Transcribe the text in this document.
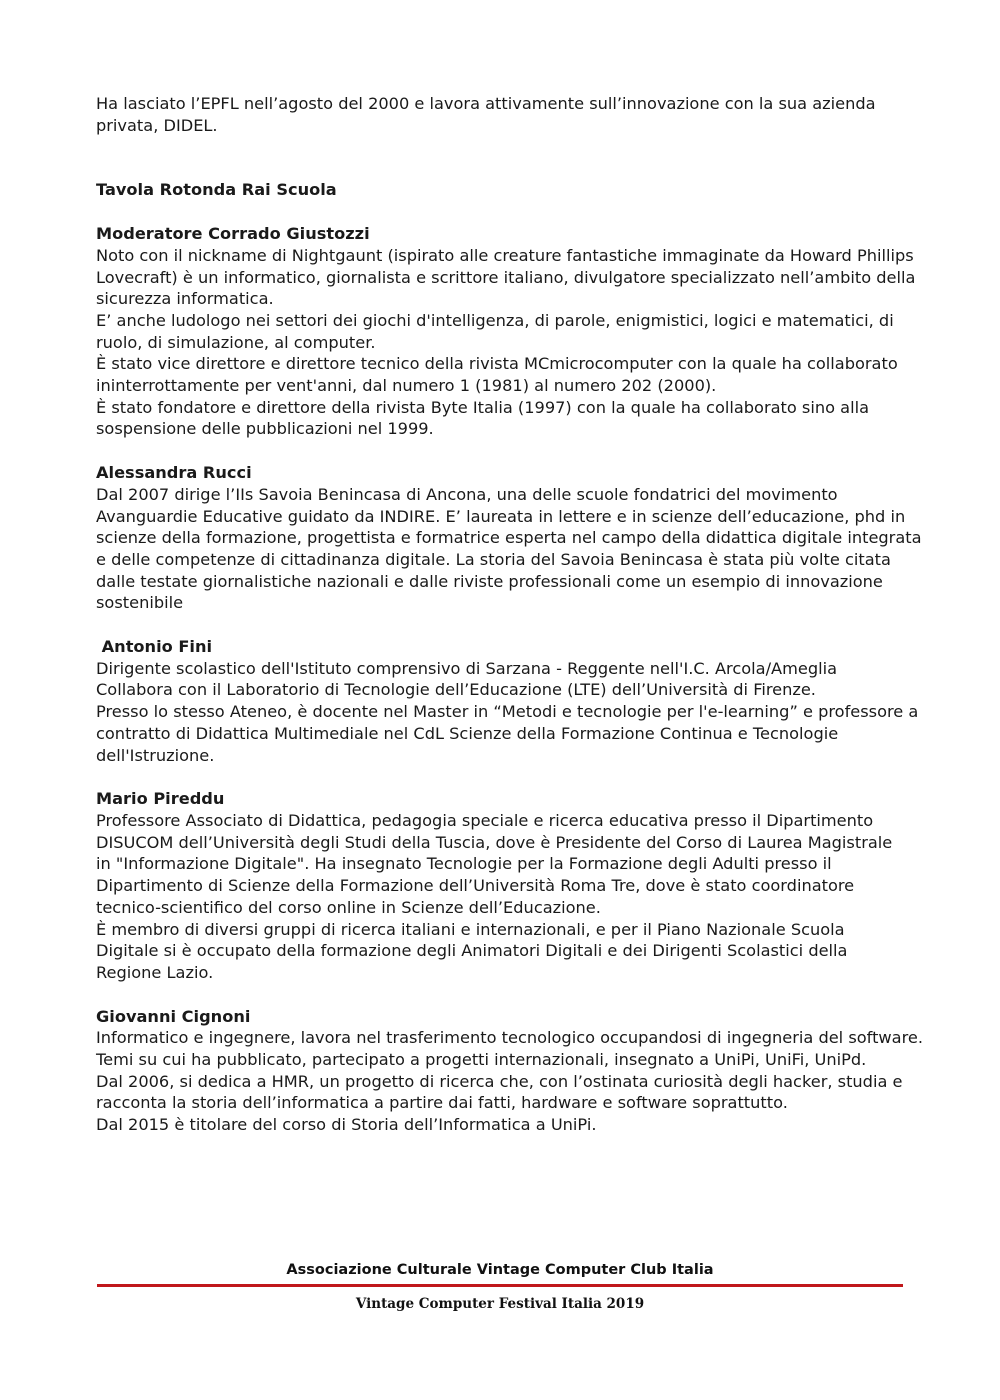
Ha lasciato l’EPFL nell’agosto del 2000 e lavora attivamente sull’innovazione con la sua azienda
privata, DIDEL.

Tavola Rotonda Rai Scuola

Moderatore Corrado Giustozzi

Noto con il nickname di Nightgaunt (ispirato alle creature fantastiche immaginate da Howard Phillips
Lovecraft) è un informatico, giornalista e scrittore italiano, divulgatore specializzato nell’ambito della
sicurezza informatica.
E’ anche ludologo nei settori dei giochi d'intelligenza, di parole, enigmistici, logici e matematici, di
ruolo, di simulazione, al computer.
È stato vice direttore e direttore tecnico della rivista MCmicrocomputer con la quale ha collaborato
ininterrottamente per vent'anni, dal numero 1 (1981) al numero 202 (2000).
È stato fondatore e direttore della rivista Byte Italia (1997) con la quale ha collaborato sino alla
sospensione delle pubblicazioni nel 1999.

Alessandra Rucci

Dal 2007 dirige l’IIs Savoia Benincasa di Ancona, una delle scuole fondatrici del movimento
Avanguardie Educative guidato da INDIRE. E’ laureata in lettere e in scienze dell’educazione, phd in
scienze della formazione, progettista e formatrice esperta nel campo della didattica digitale integrata
e delle competenze di cittadinanza digitale. La storia del Savoia Benincasa è stata più volte citata
dalle testate giornalistiche nazionali e dalle riviste professionali come un esempio di innovazione
sostenibile

Antonio Fini

Dirigente scolastico dell'Istituto comprensivo di Sarzana - Reggente nell'I.C. Arcola/Ameglia
Collabora con il Laboratorio di Tecnologie dell’Educazione (LTE) dell’Università di Firenze.
Presso lo stesso Ateneo, è docente nel Master in “Metodi e tecnologie per l'e-learning” e professore a
contratto di Didattica Multimediale nel CdL Scienze della Formazione Continua e Tecnologie
dell'Istruzione.

Mario Pireddu

Professore Associato di Didattica, pedagogia speciale e ricerca educativa presso il Dipartimento
DISUCOM dell’Università degli Studi della Tuscia, dove è Presidente del Corso di Laurea Magistrale
in "Informazione Digitale". Ha insegnato Tecnologie per la Formazione degli Adulti presso il
Dipartimento di Scienze della Formazione dell’Università Roma Tre, dove è stato coordinatore
tecnico-scientifico del corso online in Scienze dell’Educazione.
È membro di diversi gruppi di ricerca italiani e internazionali, e per il Piano Nazionale Scuola
Digitale si è occupato della formazione degli Animatori Digitali e dei Dirigenti Scolastici della
Regione Lazio.

Giovanni Cignoni

Informatico e ingegnere, lavora nel trasferimento tecnologico occupandosi di ingegneria del software.
Temi su cui ha pubblicato, partecipato a progetti internazionali, insegnato a UniPi, UniFi, UniPd.
Dal 2006, si dedica a HMR, un progetto di ricerca che, con l’ostinata curiosità degli hacker, studia e
racconta la storia dell’informatica a partire dai fatti, hardware e software soprattutto.
Dal 2015 è titolare del corso di Storia dell’Informatica a UniPi.

Associazione Culturale Vintage Computer Club Italia
Vintage Computer Festival Italia 2019
